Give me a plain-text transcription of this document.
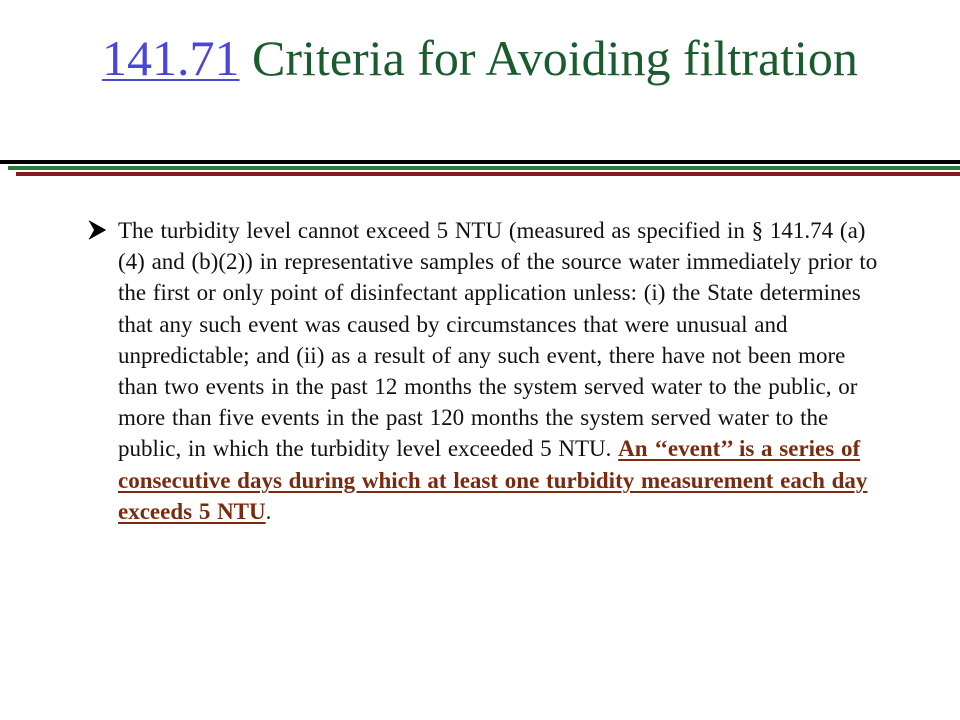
141.71 Criteria for Avoiding filtration

The turbidity level cannot exceed 5 NTU (measured as specified in § 141.74 (a)(4) and (b)(2)) in representative samples of the source water immediately prior to the first or only point of disinfectant application unless: (i) the State determines that any such event was caused by circumstances that were unusual and unpredictable; and (ii) as a result of any such event, there have not been more than two events in the past 12 months the system served water to the public, or more than five events in the past 120 months the system served water to the public, in which the turbidity level exceeded 5 NTU. An ‘‘event’’ is a series of consecutive days during which at least one turbidity measurement each day exceeds 5 NTU.
